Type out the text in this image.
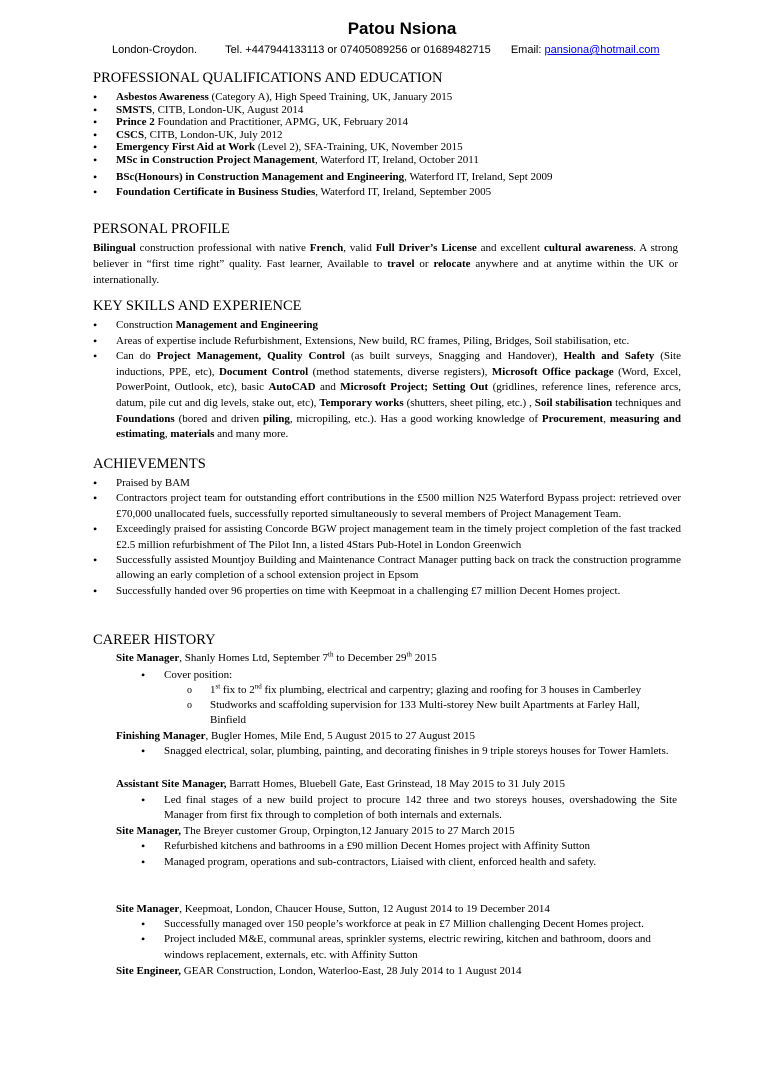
Patou Nsiona
London-Croydon.	Tel. +447944133113 or 07405089256 or 01689482715 Email: pansiona@hotmail.com
PROFESSIONAL QUALIFICATIONS AND EDUCATION
• Asbestos Awareness (Category A), High Speed Training, UK, January 2015
• SMSTS, CITB, London-UK, August 2014
• Prince 2 Foundation and Practitioner, APMG, UK, February 2014
• CSCS, CITB, London-UK, July 2012
• Emergency First Aid at Work (Level 2), SFA-Training, UK, November 2015
• MSc in Construction Project Management, Waterford IT, Ireland, October 2011
• BSc(Honours) in Construction Management and Engineering, Waterford IT, Ireland, Sept 2009
• Foundation Certificate in Business Studies, Waterford IT, Ireland, September 2005
PERSONAL PROFILE
Bilingual construction professional with native French, valid Full Driver’s License and excellent cultural awareness. A strong believer in “first time right” quality. Fast learner, Available to travel or relocate anywhere and at anytime within the UK or internationally.
KEY SKILLS AND EXPERIENCE
• Construction Management and Engineering
• Areas of expertise include Refurbishment, Extensions, New build, RC frames, Piling, Bridges, Soil stabilisation, etc.
• Can do Project Management, Quality Control (as built surveys, Snagging and Handover), Health and Safety (Site inductions, PPE, etc), Document Control (method statements, diverse registers), Microsoft Office package (Word, Excel, PowerPoint, Outlook, etc), basic AutoCAD and Microsoft Project; Setting Out (gridlines, reference lines, reference arcs, datum, pile cut and dig levels, stake out, etc), Temporary works (shutters, sheet piling, etc.) , Soil stabilisation techniques and Foundations (bored and driven piling, micropiling, etc.). Has a good working knowledge of Procurement, measuring and estimating, materials and many more.
ACHIEVEMENTS
• Praised by BAM
• Contractors project team for outstanding effort contributions in the £500 million N25 Waterford Bypass project: retrieved over £70,000 unallocated fuels, successfully reported simultaneously to several members of Project Management Team.
• Exceedingly praised for assisting Concorde BGW project management team in the timely project completion of the fast tracked £2.5 million refurbishment of The Pilot Inn, a listed 4Stars Pub-Hotel in London Greenwich
• Successfully assisted Mountjoy Building and Maintenance Contract Manager putting back on track the construction programme allowing an early completion of a school extension project in Epsom
• Successfully handed over 96 properties on time with Keepmoat in a challenging £7 million Decent Homes project.
CAREER HISTORY
Site Manager, Shanly Homes Ltd, September 7th to December 29th 2015
• Cover position:
o 1st fix to 2nd fix plumbing, electrical and carpentry; glazing and roofing for 3 houses in Camberley
o Studworks and scaffolding supervision for 133 Multi-storey New built Apartments at Farley Hall, Binfield
Finishing Manager, Bugler Homes, Mile End, 5 August 2015 to 27 August 2015
• Snagged electrical, solar, plumbing, painting, and decorating finishes in 9 triple storeys houses for Tower Hamlets.
Assistant Site Manager, Barratt Homes, Bluebell Gate, East Grinstead, 18 May 2015 to 31 July 2015
• Led final stages of a new build project to procure 142 three and two storeys houses, overshadowing the Site Manager from first fix through to completion of both internals and externals.
Site Manager, The Breyer customer Group, Orpington,12 January 2015 to 27 March 2015
• Refurbished kitchens and bathrooms in a £90 million Decent Homes project with Affinity Sutton
• Managed program, operations and sub-contractors, Liaised with client, enforced health and safety.
Site Manager, Keepmoat, London, Chaucer House, Sutton, 12 August 2014 to 19 December 2014
• Successfully managed over 150 people’s workforce at peak in £7 Million challenging Decent Homes project.
• Project included M&E, communal areas, sprinkler systems, electric rewiring, kitchen and bathroom, doors and windows replacement, externals, etc. with Affinity Sutton
Site Engineer, GEAR Construction, London, Waterloo-East, 28 July 2014 to 1 August 2014
